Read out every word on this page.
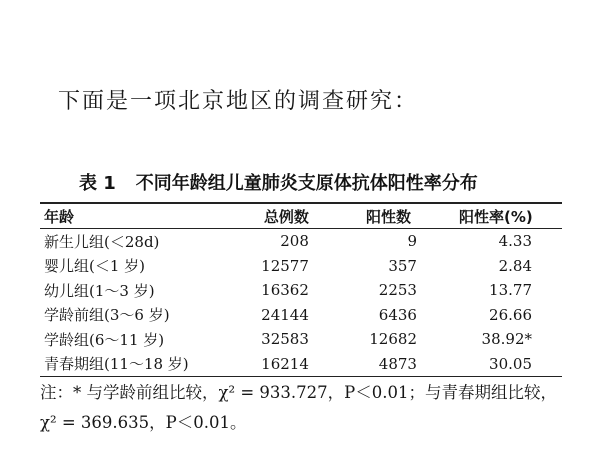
下面是一项北京地区的调查研究：
表 1 不同年龄组儿童肺炎支原体抗体阳性率分布
年龄	总例数	阳性数	阳性率(%)
新生儿组(＜28d)	208	9	4.33
婴儿组(＜1 岁)	12577	357	2.84
幼儿组(1～3 岁)	16362	2253	13.77
学龄前组(3～6 岁)	24144	6436	26.66
学龄组(6～11 岁)	32583	12682	38.92*
青春期组(11～18 岁)	16214	4873	30.05
注：* 与学龄前组比较，χ² = 933.727，P＜0.01；与青春期组比较，
χ² = 369.635，P＜0.01。
